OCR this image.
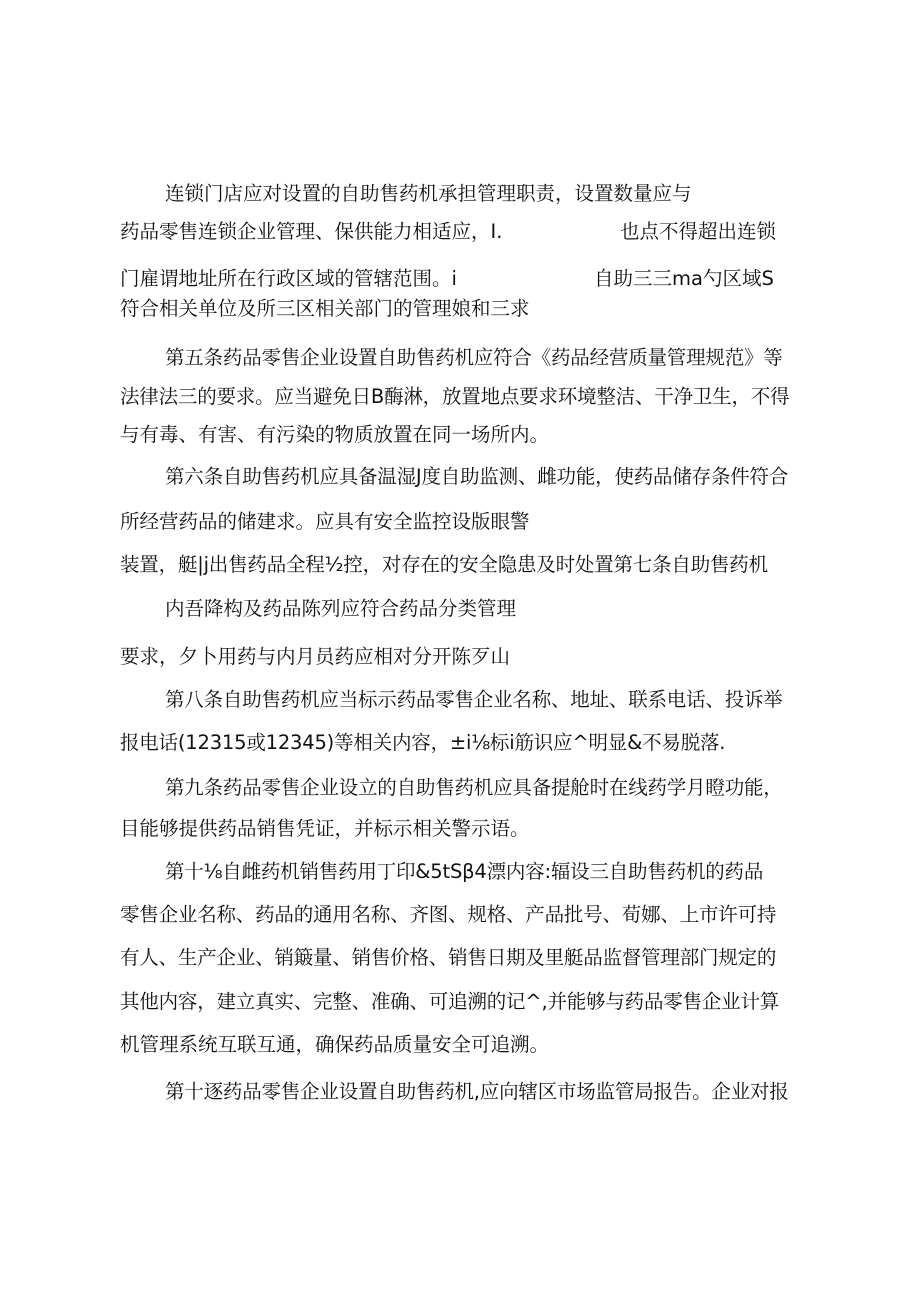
连锁门店应对设置的自助售药机承担管理职责，设置数量应与
药品零售连锁企业管理、保供能力相适应，I.	也点不得超出连锁
门雇谓地址所在行政区域的管辖范围。i	自助三三ma勺区域S
符合相关单位及所三区相关部门的管理娘和三求
第五条药品零售企业设置自助售药机应符合《药品经营质量管理规范》等
法律法三的要求。应当避免日B酶淋，放置地点要求环境整洁、干净卫生，不得
与有毒、有害、有污染的物质放置在同一场所内。
第六条自助售药机应具备温湿J度自助监测、雌功能，使药品储存条件符合
所经营药品的储建求。应具有安全监控设版眼警
装置，艇|j出售药品全程½控，对存在的安全隐患及时处置第七条自助售药机
内吾降构及药品陈列应符合药品分类管理
要求，夕卜用药与内月员药应相对分开陈歹山
第八条自助售药机应当标示药品零售企业名称、地址、联系电话、投诉举
报电话(12315或12345)等相关内容，±i⅛标i筋识应^明显&不易脱落.
第九条药品零售企业设立的自助售药机应具备提舱时在线药学月瞪功能，
目能够提供药品销售凭证，并标示相关警示语。
第十⅛自雌药机销售药用丁印&5tSβ4漂内容:辐设三自助售药机的药品
零售企业名称、药品的通用名称、齐图、规格、产品批号、荀娜、上市许可持
有人、生产企业、销簸量、销售价格、销售日期及里艇品监督管理部门规定的
其他内容，建立真实、完整、准确、可追溯的记^,并能够与药品零售企业计算
机管理系统互联互通，确保药品质量安全可追溯。
第十逐药品零售企业设置自助售药机,应向辖区市场监管局报告。企业对报
